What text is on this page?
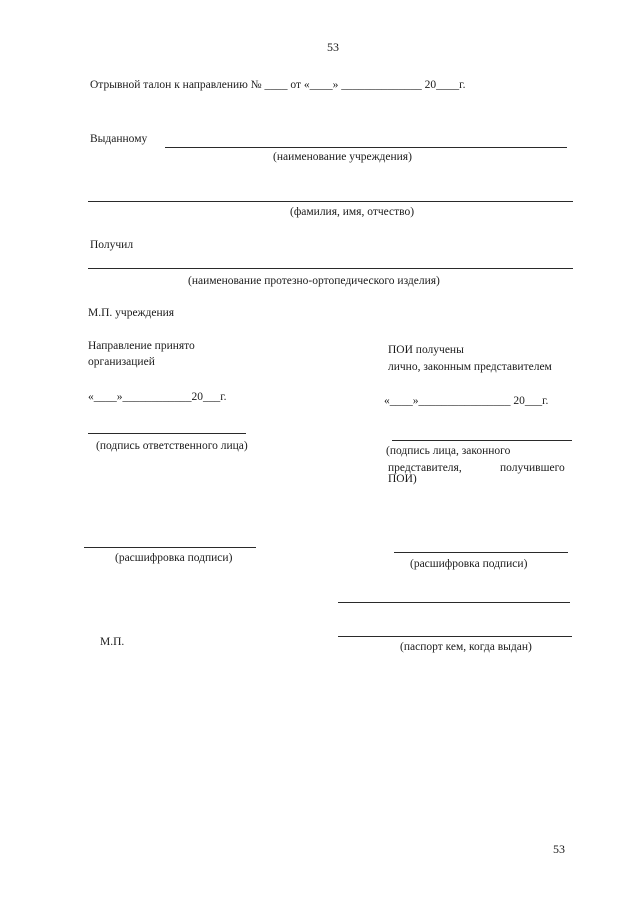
53
Отрывной талон к направлению № ____ от «____» ______________ 20____г.
Выданному
(наименование учреждения)
(фамилия, имя, отчество)
Получил
(наименование протезно-ортопедического изделия)
М.П. учреждения
Направление принято
организацией
«____»____________20___г.
(подпись ответственного лица)
(расшифровка подписи)
М.П.
ПОИ получены
лично, законным представителем
«____»________________ 20___г.
(подпись лица, законного
представителя,	получившего
ПОИ)
(расшифровка подписи)
(паспорт кем, когда выдан)
53
